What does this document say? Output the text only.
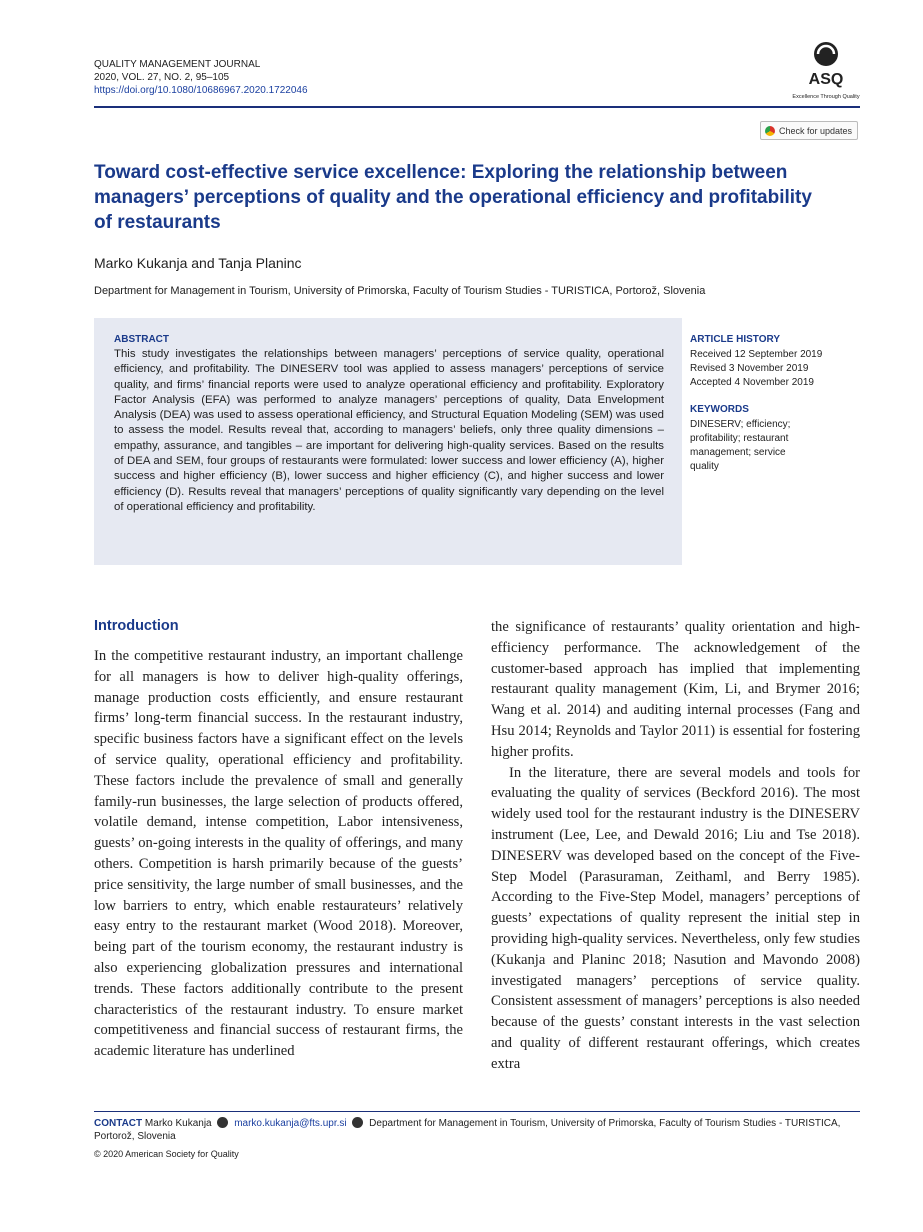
QUALITY MANAGEMENT JOURNAL
2020, VOL. 27, NO. 2, 95–105
https://doi.org/10.1080/10686967.2020.1722046
ASQ
Excellence Through Quality
Check for updates
Toward cost-effective service excellence: Exploring the relationship between managers’ perceptions of quality and the operational efficiency and profitability of restaurants
Marko Kukanja and Tanja Planinc
Department for Management in Tourism, University of Primorska, Faculty of Tourism Studies - TURISTICA, Portorož, Slovenia
ABSTRACT
This study investigates the relationships between managers’ perceptions of service quality, operational efficiency, and profitability. The DINESERV tool was applied to assess managers’ perceptions of service quality, and firms’ financial reports were used to analyze operational efficiency and profitability. Exploratory Factor Analysis (EFA) was performed to analyze managers’ perceptions of quality, Data Envelopment Analysis (DEA) was used to assess operational efficiency, and Structural Equation Modeling (SEM) was used to assess the model. Results reveal that, according to managers’ beliefs, only three quality dimensions – empathy, assurance, and tangibles – are important for delivering high-quality services. Based on the results of DEA and SEM, four groups of restaurants were formulated: lower success and lower efficiency (A), higher success and higher efficiency (B), lower success and higher efficiency (C), and higher success and lower efficiency (D). Results reveal that managers’ perceptions of quality significantly vary depending on the level of operational efficiency and profitability.
ARTICLE HISTORY
Received 12 September 2019
Revised 3 November 2019
Accepted 4 November 2019
KEYWORDS
DINESERV; efficiency; profitability; restaurant management; service quality
Introduction

In the competitive restaurant industry, an important challenge for all managers is how to deliver high-quality offerings, manage production costs efficiently, and ensure restaurant firms’ long-term financial success. In the restaurant industry, specific business factors have a significant effect on the levels of service quality, operational efficiency and profitability. These factors include the prevalence of small and generally family-run businesses, the large selection of products offered, volatile demand, intense competition, Labor intensiveness, guests’ on-going interests in the quality of offerings, and many others. Competition is harsh primarily because of the guests’ price sensitivity, the large number of small businesses, and the low barriers to entry, which enable restaurateurs’ relatively easy entry to the restaurant market (Wood 2018). Moreover, being part of the tourism economy, the restaurant industry is also experiencing globalization pressures and international trends. These factors additionally contribute to the present characteristics of the restaurant industry. To ensure market competitiveness and financial success of restaurant firms, the academic literature has underlined

the significance of restaurants’ quality orientation and high-efficiency performance. The acknowledgement of the customer-based approach has implied that implementing restaurant quality management (Kim, Li, and Brymer 2016; Wang et al. 2014) and auditing internal processes (Fang and Hsu 2014; Reynolds and Taylor 2011) is essential for fostering higher profits.

In the literature, there are several models and tools for evaluating the quality of services (Beckford 2016). The most widely used tool for the restaurant industry is the DINESERV instrument (Lee, Lee, and Dewald 2016; Liu and Tse 2018). DINESERV was developed based on the concept of the Five-Step Model (Parasuraman, Zeithaml, and Berry 1985). According to the Five-Step Model, managers’ perceptions of guests’ expectations of quality represent the initial step in providing high-quality services. Nevertheless, only few studies (Kukanja and Planinc 2018; Nasution and Mavondo 2008) investigated managers’ perceptions of service quality. Consistent assessment of managers’ perceptions is also needed because of the guests’ constant interests in the vast selection and quality of different restaurant offerings, which creates extra

CONTACT Marko Kukanja marko.kukanja@fts.upr.si Department for Management in Tourism, University of Primorska, Faculty of Tourism Studies - TURISTICA, Portorož, Slovenia
© 2020 American Society for Quality
